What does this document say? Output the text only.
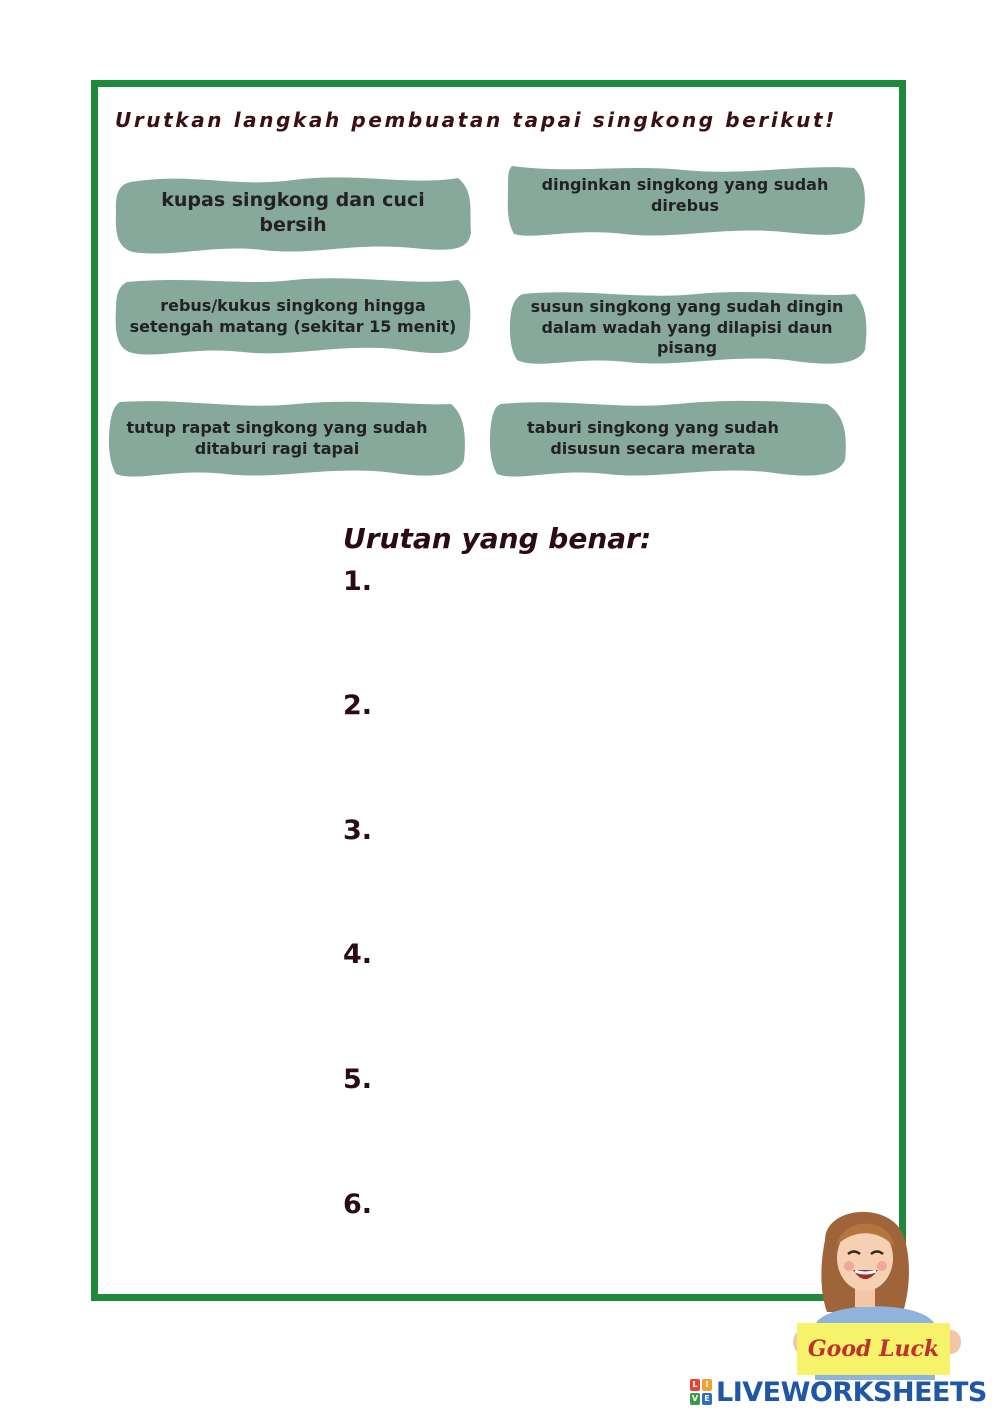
Urutkan langkah pembuatan tapai singkong berikut!

kupas singkong dan cuci bersih
dinginkan singkong yang sudah direbus
rebus/kukus singkong hingga setengah matang (sekitar 15 menit)
susun singkong yang sudah dingin dalam wadah yang dilapisi daun pisang
tutup rapat singkong yang sudah ditaburi ragi tapai
taburi singkong yang sudah disusun secara merata

Urutan yang benar:

1.

2.

3.

4.

5.

6.

Good Luck
L I
V E LIVEWORKSHEETS
